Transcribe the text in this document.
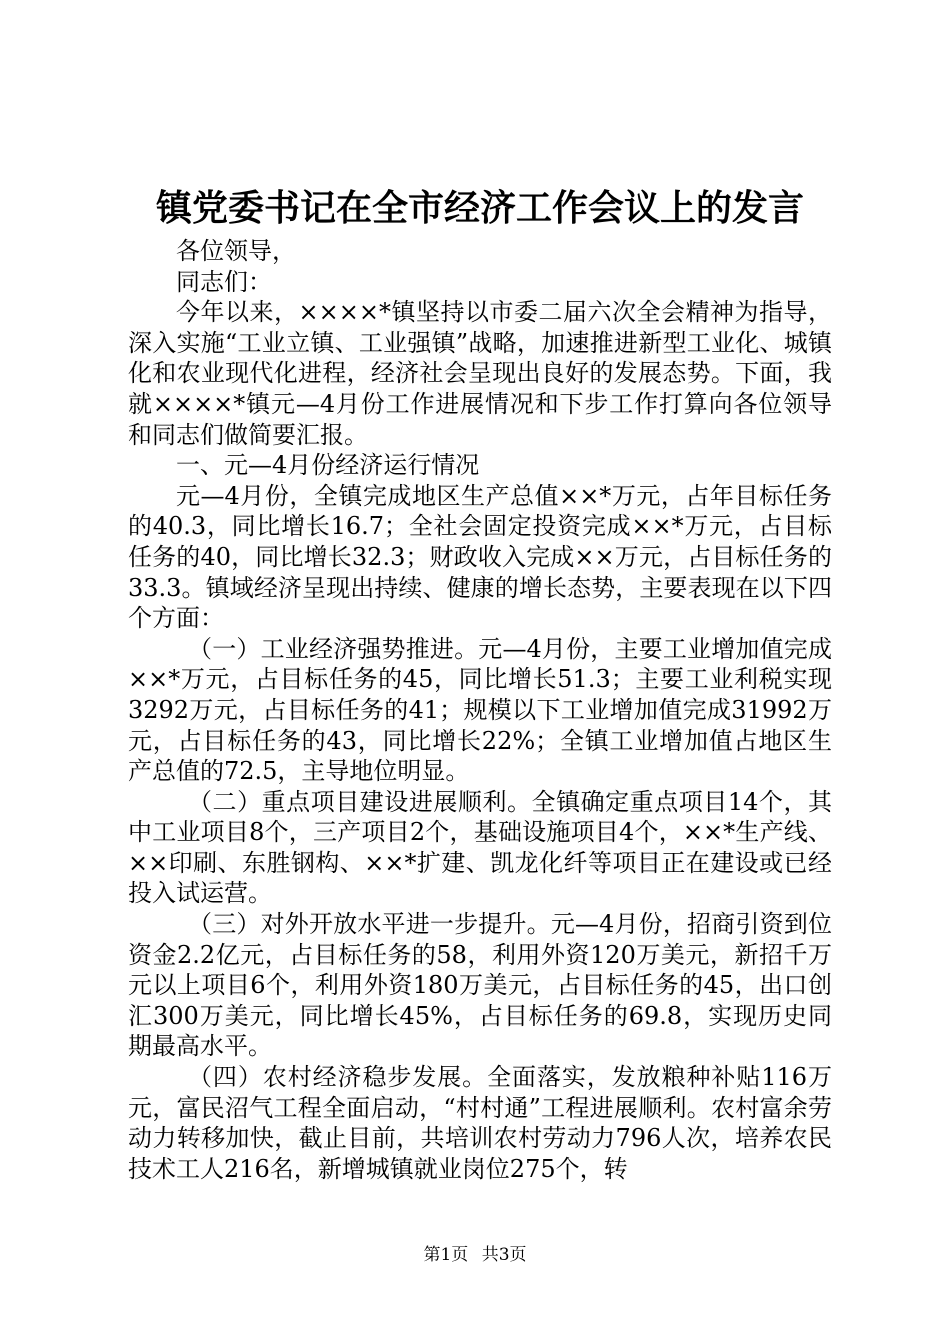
镇党委书记在全市经济工作会议上的发言

各位领导，

同志们：

今年以来，××××*镇坚持以市委二届六次全会精神为指导，深入实施“工业立镇、工业强镇”战略，加速推进新型工业化、城镇化和农业现代化进程，经济社会呈现出良好的发展态势。下面，我就××××*镇元—4月份工作进展情况和下步工作打算向各位领导和同志们做简要汇报。

一、元—4月份经济运行情况

元—4月份，全镇完成地区生产总值××*万元，占年目标任务的40.3，同比增长16.7；全社会固定投资完成××*万元，占目标任务的40，同比增长32.3；财政收入完成××万元，占目标任务的33.3。镇域经济呈现出持续、健康的增长态势，主要表现在以下四个方面：

（一）工业经济强势推进。元—4月份，主要工业增加值完成××*万元，占目标任务的45，同比增长51.3；主要工业利税实现3292万元，占目标任务的41；规模以下工业增加值完成31992万元，占目标任务的43，同比增长22%；全镇工业增加值占地区生产总值的72.5，主导地位明显。

（二）重点项目建设进展顺利。全镇确定重点项目14个，其中工业项目8个，三产项目2个，基础设施项目4个，××*生产线、××印刷、东胜钢构、××*扩建、凯龙化纤等项目正在建设或已经投入试运营。

（三）对外开放水平进一步提升。元—4月份，招商引资到位资金2.2亿元，占目标任务的58，利用外资120万美元，新招千万元以上项目6个，利用外资180万美元，占目标任务的45，出口创汇300万美元，同比增长45%，占目标任务的69.8，实现历史同期最高水平。

（四）农村经济稳步发展。全面落实，发放粮种补贴116万元，富民沼气工程全面启动，“村村通”工程进展顺利。农村富余劳动力转移加快，截止目前，共培训农村劳动力796人次，培养农民技术工人216名，新增城镇就业岗位275个，转

第1页 共3页
